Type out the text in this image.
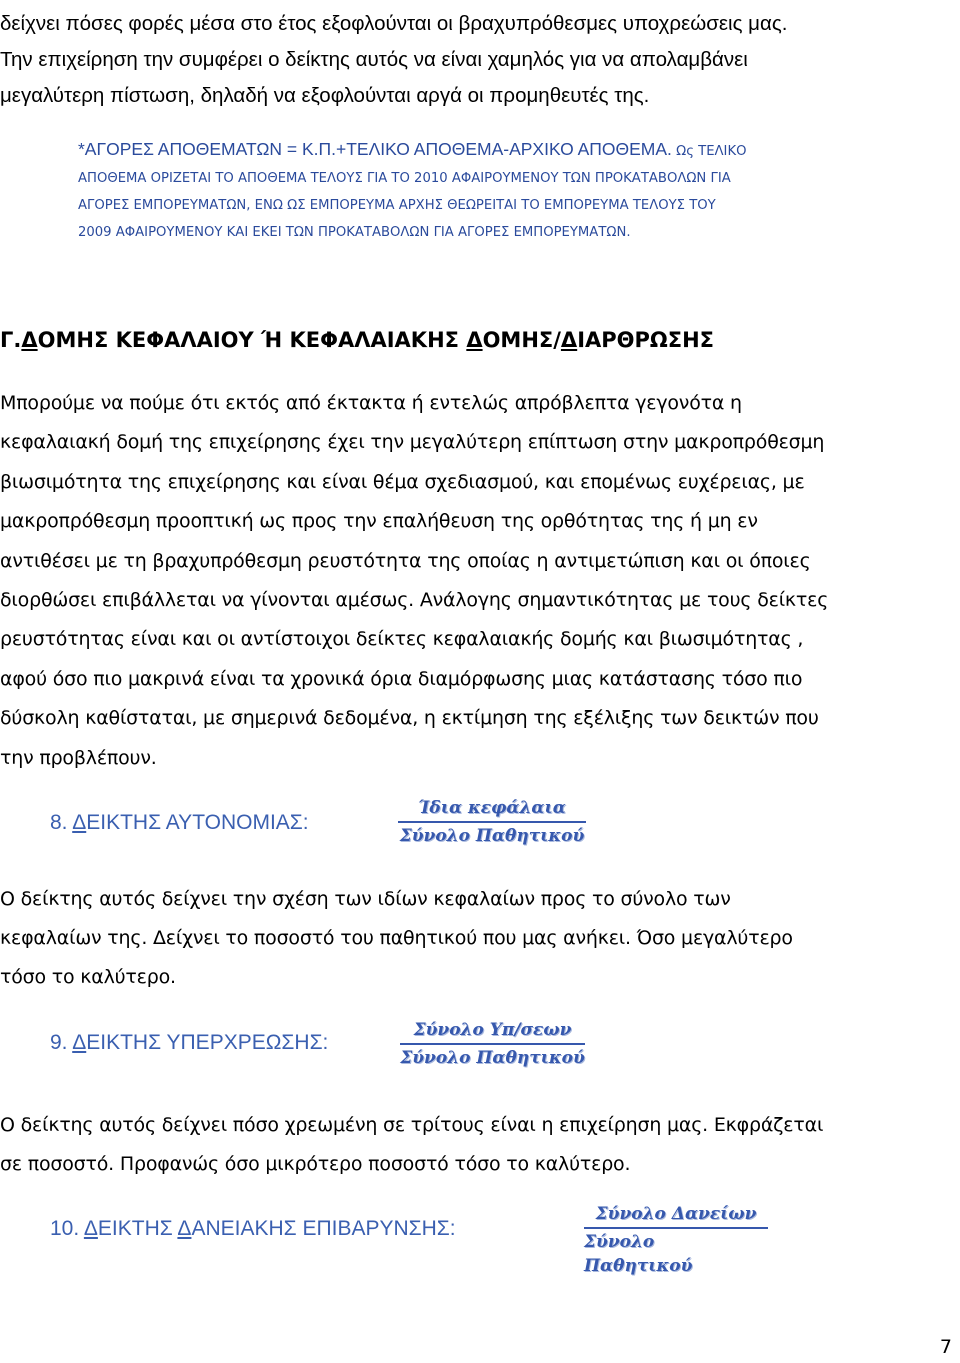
δείχνει πόσες φορές μέσα στο έτος εξοφλούνται οι βραχυπρόθεσμες υποχρεώσεις μας.
Την επιχείρηση την συμφέρει ο δείκτης αυτός να είναι χαμηλός για να απολαμβάνει
μεγαλύτερη πίστωση, δηλαδή να εξοφλούνται αργά οι προμηθευτές της.
*ΑΓΟΡΕΣ ΑΠΟΘΕΜΑΤΩΝ = Κ.Π.+ΤΕΛΙΚΟ ΑΠΟΘΕΜΑ-ΑΡΧΙΚΟ ΑΠΟΘΕΜΑ. Ως ΤΕΛΙΚΟ
ΑΠΟΘΕΜΑ ΟΡΙΖΕΤΑΙ ΤΟ ΑΠΟΘΕΜΑ ΤΕΛΟΥΣ ΓΙΑ ΤΟ 2010 ΑΦΑΙΡΟΥΜΕΝΟΥ ΤΩΝ ΠΡΟΚΑΤΑΒΟΛΩΝ ΓΙΑ
ΑΓΟΡΕΣ ΕΜΠΟΡΕΥΜΑΤΩΝ, ΕΝΩ ΩΣ ΕΜΠΟΡΕΥΜΑ ΑΡΧΗΣ ΘΕΩΡΕΙΤΑΙ ΤΟ ΕΜΠΟΡΕΥΜΑ ΤΕΛΟΥΣ ΤΟΥ
2009 ΑΦΑΙΡΟΥΜΕΝΟΥ ΚΑΙ ΕΚΕΙ ΤΩΝ ΠΡΟΚΑΤΑΒΟΛΩΝ ΓΙΑ ΑΓΟΡΕΣ ΕΜΠΟΡΕΥΜΑΤΩΝ.
Γ.ΔΟΜΗΣ ΚΕΦΑΛΑΙΟΥ Ή ΚΕΦΑΛΑΙΑΚΗΣ ΔΟΜΗΣ/ΔΙΑΡΘΡΩΣΗΣ
Μπορούμε να πούμε ότι εκτός από έκτακτα ή εντελώς απρόβλεπτα γεγονότα η
κεφαλαιακή δομή της επιχείρησης έχει την μεγαλύτερη επίπτωση στην μακροπρόθεσμη
βιωσιμότητα της επιχείρησης και είναι θέμα σχεδιασμού, και επομένως ευχέρειας, με
μακροπρόθεσμη προοπτική ως προς την επαλήθευση της ορθότητας της ή μη εν
αντιθέσει με τη βραχυπρόθεσμη ρευστότητα της οποίας η αντιμετώπιση και οι όποιες
διορθώσει επιβάλλεται να γίνονται αμέσως. Ανάλογης σημαντικότητας με τους δείκτες
ρευστότητας είναι και οι αντίστοιχοι δείκτες κεφαλαιακής δομής και βιωσιμότητας ,
αφού όσο πιο μακρινά είναι τα χρονικά όρια διαμόρφωσης μιας κατάστασης τόσο πιο
δύσκολη καθίσταται, με σημερινά δεδομένα, η εκτίμηση της εξέλιξης των δεικτών που
την προβλέπουν.
8. ΔΕΙΚΤΗΣ ΑΥΤΟΝΟΜΙΑΣ:
Ίδια κεφάλαια
Σύνολο Παθητικού
Ο δείκτης αυτός δείχνει την σχέση των ιδίων κεφαλαίων προς το σύνολο των
κεφαλαίων της. Δείχνει το ποσοστό του παθητικού που μας ανήκει. Όσο μεγαλύτερο
τόσο το καλύτερο.
9. ΔΕΙΚΤΗΣ ΥΠΕΡΧΡΕΩΣΗΣ:
Σύνολο Υπ/σεων
Σύνολο Παθητικού
Ο δείκτης αυτός δείχνει πόσο χρεωμένη σε τρίτους είναι η επιχείρηση μας. Εκφράζεται
σε ποσοστό. Προφανώς όσο μικρότερο ποσοστό τόσο το καλύτερο.
10. ΔΕΙΚΤΗΣ ΔΑΝΕΙΑΚΗΣ ΕΠΙΒΑΡΥΝΣΗΣ:
Σύνολο Δανείων
Σύνολο Παθητικού
7
